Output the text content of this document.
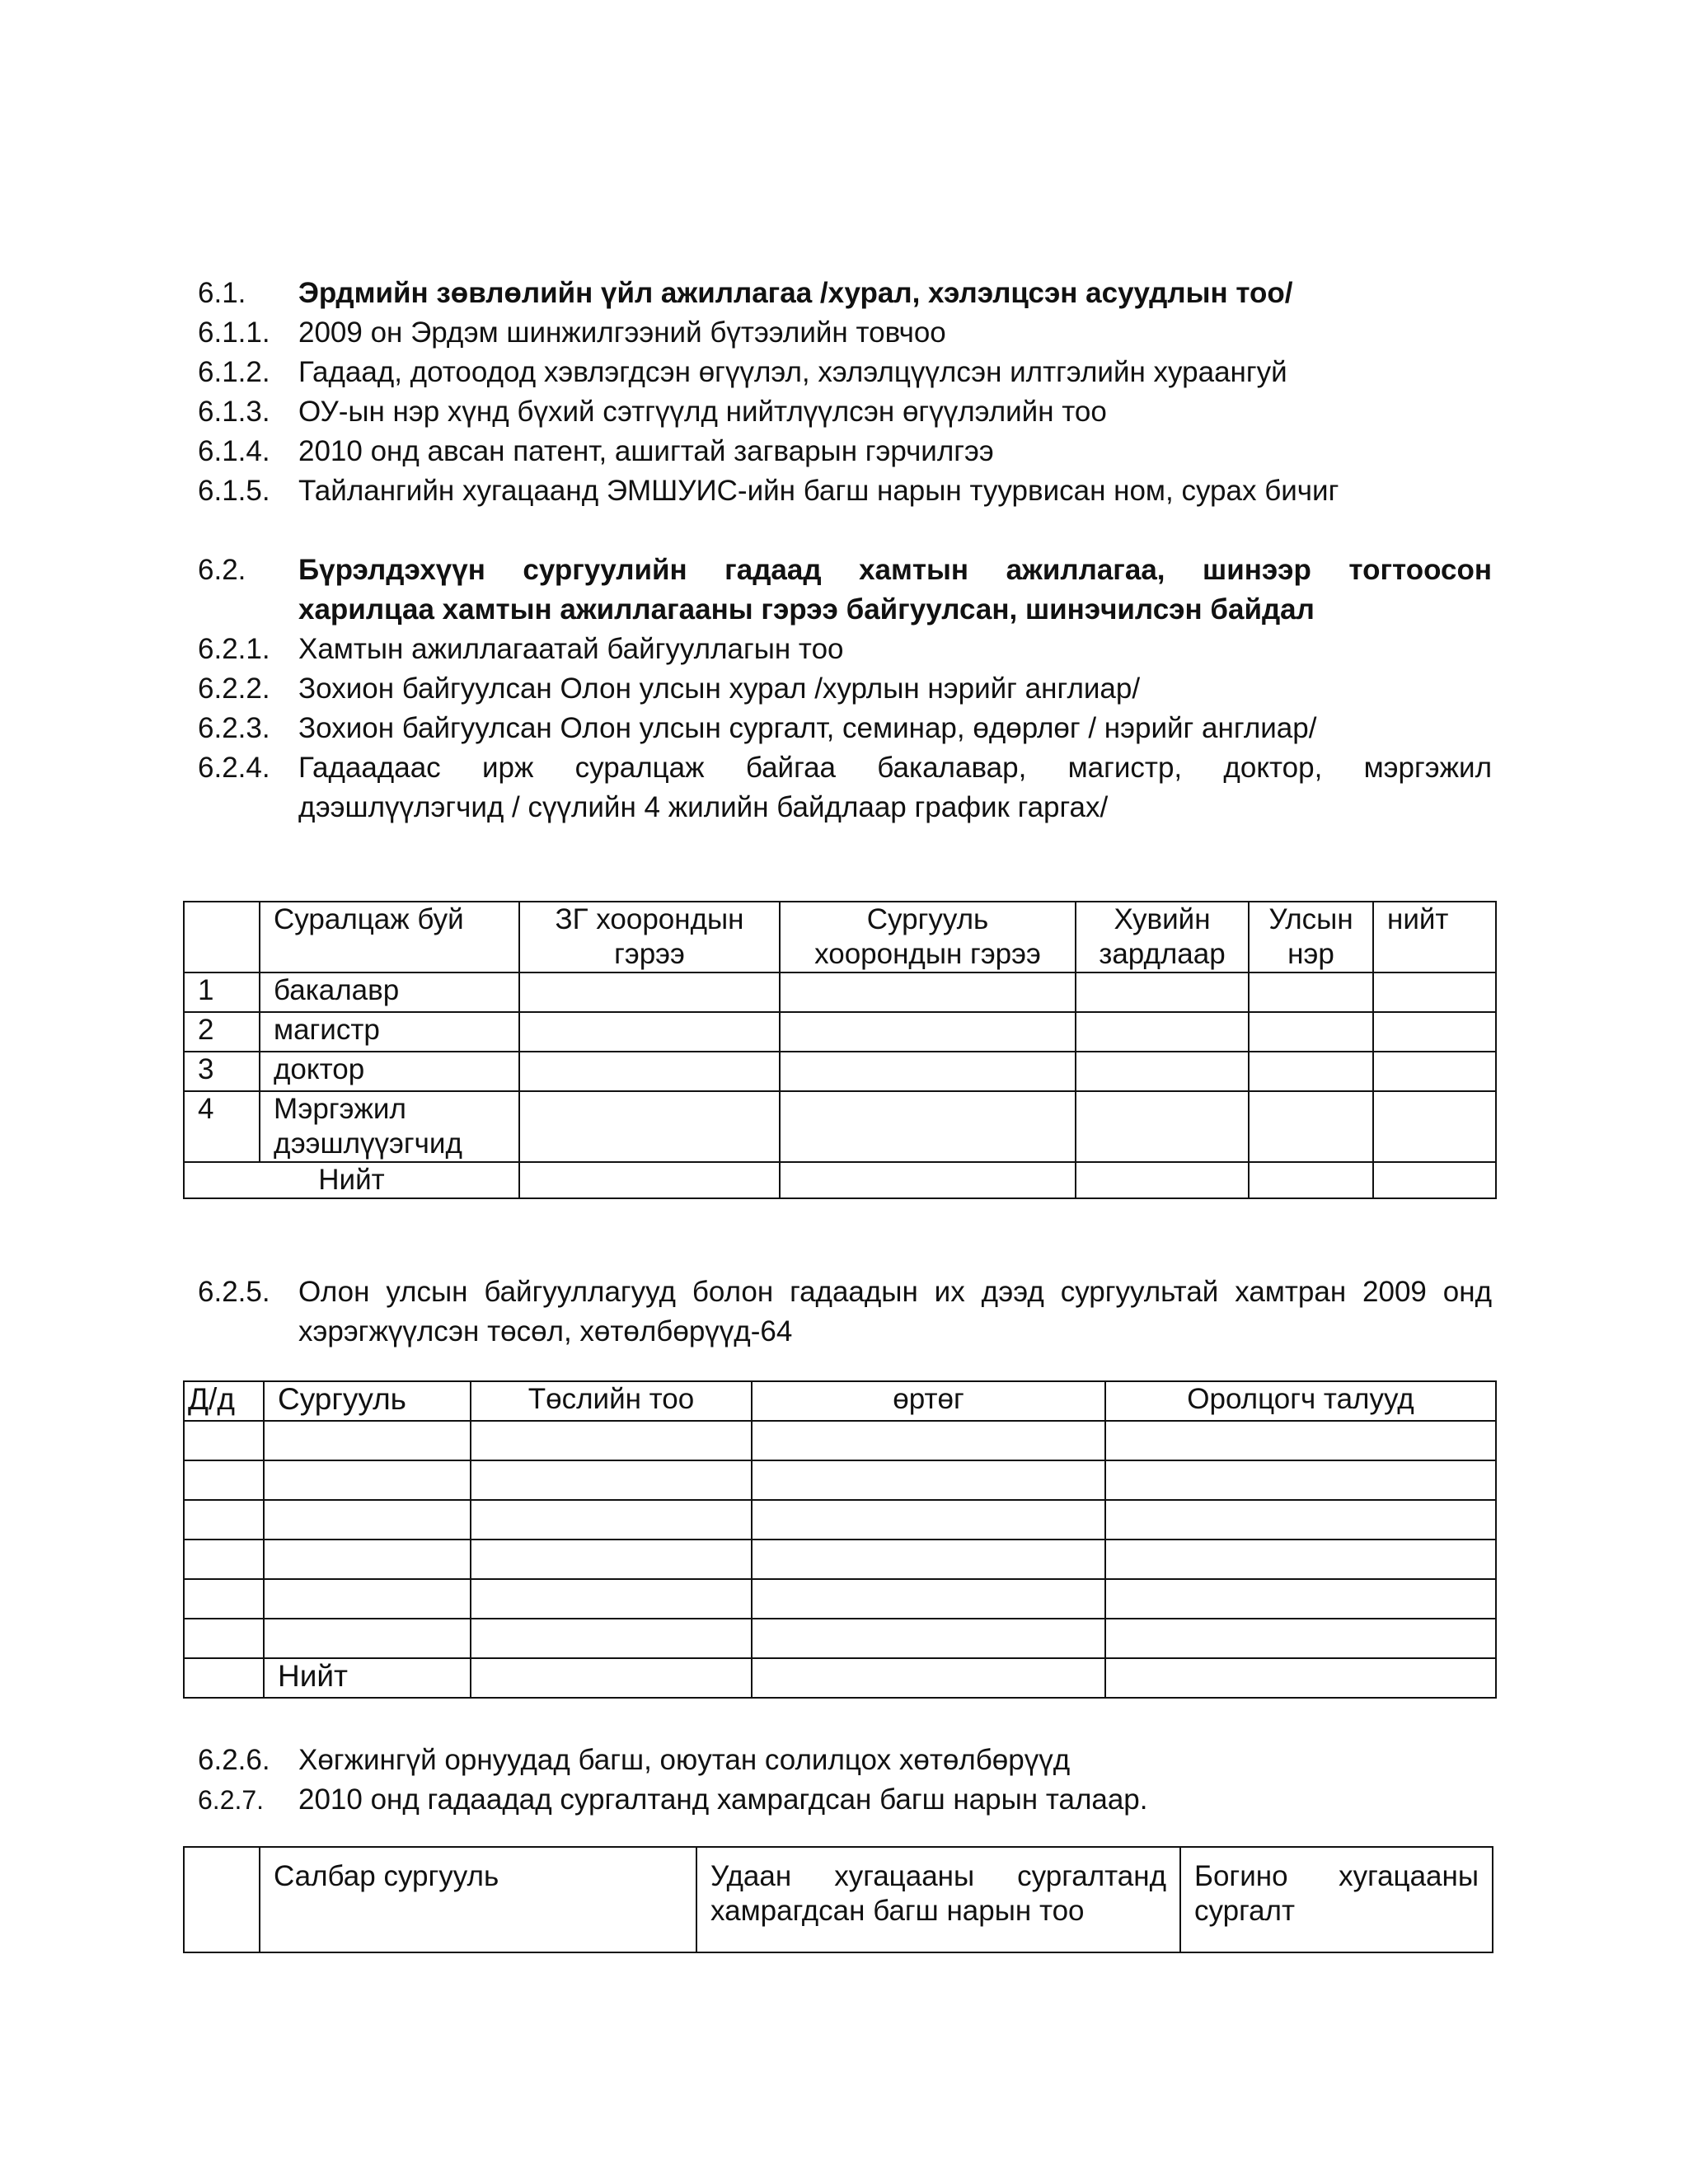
6.1.	Эрдмийн зөвлөлийн үйл ажиллагаа /хурал, хэлэлцсэн асуудлын тоо/
6.1.1. 2009 он Эрдэм шинжилгээний бүтээлийн товчоо
6.1.2. Гадаад, дотоодод хэвлэгдсэн өгүүлэл, хэлэлцүүлсэн илтгэлийн хураангуй
6.1.3. ОУ-ын нэр хүнд бүхий сэтгүүлд нийтлүүлсэн өгүүлэлийн тоо
6.1.4. 2010 онд авсан патент, ашигтай загварын гэрчилгээ
6.1.5. Тайлангийн хугацаанд ЭМШУИС-ийн багш нарын туурвисан ном, сурах бичиг
6.2.	Бүрэлдэхүүн сургуулийн гадаад хамтын ажиллагаа, шинээр тогтоосон
харилцаа хамтын ажиллагааны гэрээ байгуулсан, шинэчилсэн байдал
6.2.1. Хамтын ажиллагаатай байгууллагын тоо
6.2.2. Зохион байгуулсан Олон улсын хурал /хурлын нэрийг англиар/
6.2.3. Зохион байгуулсан Олон улсын сургалт, семинар, өдөрлөг / нэрийг англиар/
6.2.4. Гадаадаас ирж суралцаж байгаа бакалавар, магистр, доктор, мэргэжил
дээшлүүлэгчид / сүүлийн 4 жилийн байдлаар график гаргах/
	Суралцаж буй	ЗГ хоорондын гэрээ	Сургууль хоорондын гэрээ	Хувийн зардлаар	Улсын нэр	нийт
1	бакалавр					
2	магистр					
3	доктор					
4	Мэргэжил дээшлүүэгчид					
Нийт						
6.2.5. Олон улсын байгууллагууд болон гадаадын их дээд сургуультай хамтран 2009 онд
хэрэгжүүлсэн төсөл, хөтөлбөрүүд-64
Д/д	Сургууль	Төслийн тоо	өртөг	Оролцогч талууд

	Нийт			
6.2.6. Хөгжингүй орнуудад багш, оюутан солилцох хөтөлбөрүүд
6.2.7.	2010 онд гадаадад сургалтанд хамрагдсан багш нарын талаар.
	Салбар сургууль	Удаан хугацааны сургалтанд хамрагдсан багш нарын тоо	Богино хугацааны сургалт
